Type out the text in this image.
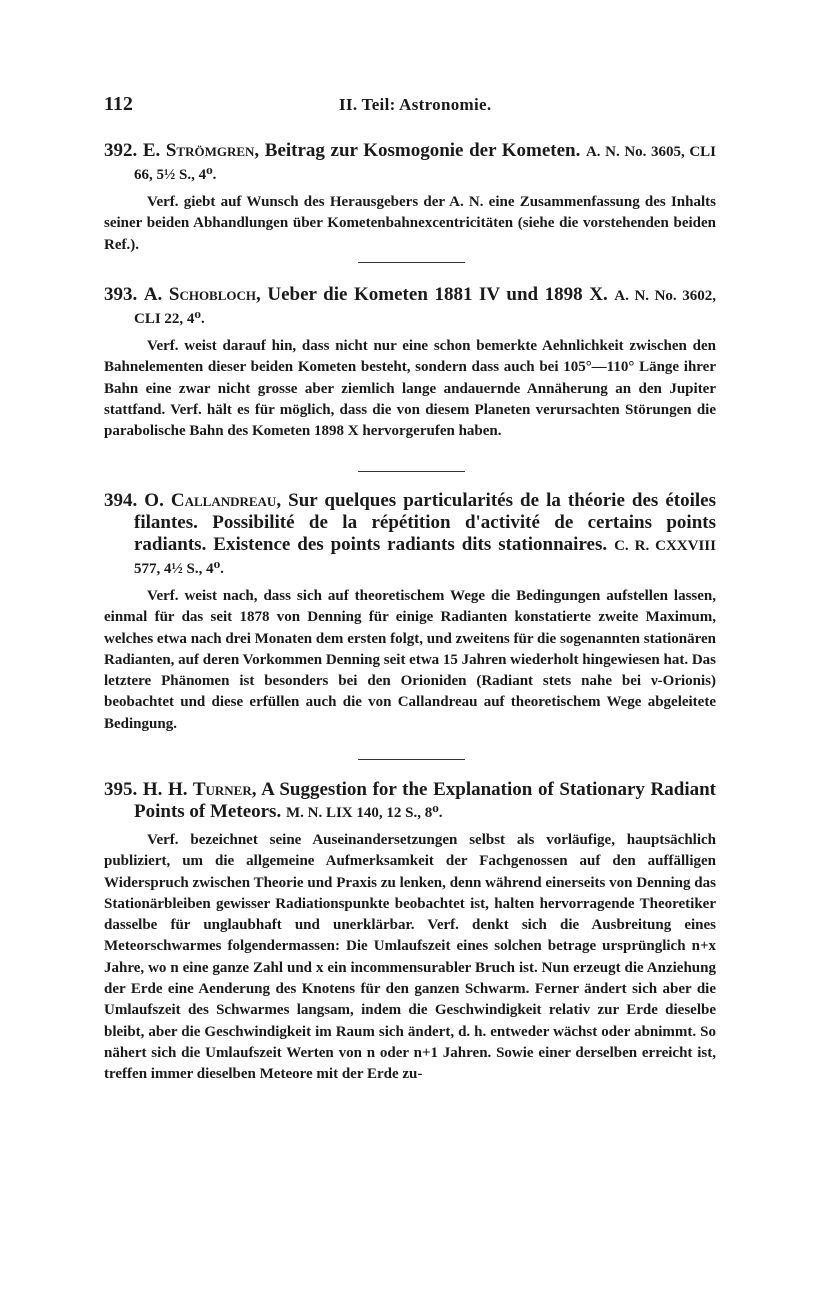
112	II. Teil: Astronomie.
392. E. Strömgren, Beitrag zur Kosmogonie der Kometen. A. N. No. 3605, CLI 66, 5½ S., 4⁰.
Verf. giebt auf Wunsch des Herausgebers der A. N. eine Zusammenfassung des Inhalts seiner beiden Abhandlungen über Kometenbahnexcentricitäten (siehe die vorstehenden beiden Ref.).
393. A. Schobloch, Ueber die Kometen 1881 IV und 1898 X. A. N. No. 3602, CLI 22, 4⁰.
Verf. weist darauf hin, dass nicht nur eine schon bemerkte Aehnlichkeit zwischen den Bahnelementen dieser beiden Kometen besteht, sondern dass auch bei 105°—110° Länge ihrer Bahn eine zwar nicht grosse aber ziemlich lange andauernde Annäherung an den Jupiter stattfand. Verf. hält es für möglich, dass die von diesem Planeten verursachten Störungen die parabolische Bahn des Kometen 1898 X hervorgerufen haben.
394. O. Callandreau, Sur quelques particularités de la théorie des étoiles filantes. Possibilité de la répétition d'activité de certains points radiants. Existence des points radiants dits stationnaires. C. R. CXXVIII 577, 4½ S., 4⁰.
Verf. weist nach, dass sich auf theoretischem Wege die Bedingungen aufstellen lassen, einmal für das seit 1878 von Denning für einige Radianten konstatierte zweite Maximum, welches etwa nach drei Monaten dem ersten folgt, und zweitens für die sogenannten stationären Radianten, auf deren Vorkommen Denning seit etwa 15 Jahren wiederholt hingewiesen hat. Das letztere Phänomen ist besonders bei den Orioniden (Radiant stets nahe bei ν-Orionis) beobachtet und diese erfüllen auch die von Callandreau auf theoretischem Wege abgeleitete Bedingung.
395. H. H. Turner, A Suggestion for the Explanation of Stationary Radiant Points of Meteors. M. N. LIX 140, 12 S., 8⁰.
Verf. bezeichnet seine Auseinandersetzungen selbst als vorläufige, hauptsächlich publiziert, um die allgemeine Aufmerksamkeit der Fachgenossen auf den auffälligen Widerspruch zwischen Theorie und Praxis zu lenken, denn während einerseits von Denning das Stationärbleiben gewisser Radiationspunkte beobachtet ist, halten hervorragende Theoretiker dasselbe für unglaubhaft und unerklärbar. Verf. denkt sich die Ausbreitung eines Meteorschwarmes folgendermassen: Die Umlaufszeit eines solchen betrage ursprünglich n+x Jahre, wo n eine ganze Zahl und x ein incommensurabler Bruch ist. Nun erzeugt die Anziehung der Erde eine Aenderung des Knotens für den ganzen Schwarm. Ferner ändert sich aber die Umlaufszeit des Schwarmes langsam, indem die Geschwindigkeit relativ zur Erde dieselbe bleibt, aber die Geschwindigkeit im Raum sich ändert, d. h. entweder wächst oder abnimmt. So nähert sich die Umlaufszeit Werten von n oder n+1 Jahren. Sowie einer derselben erreicht ist, treffen immer dieselben Meteore mit der Erde zu-
